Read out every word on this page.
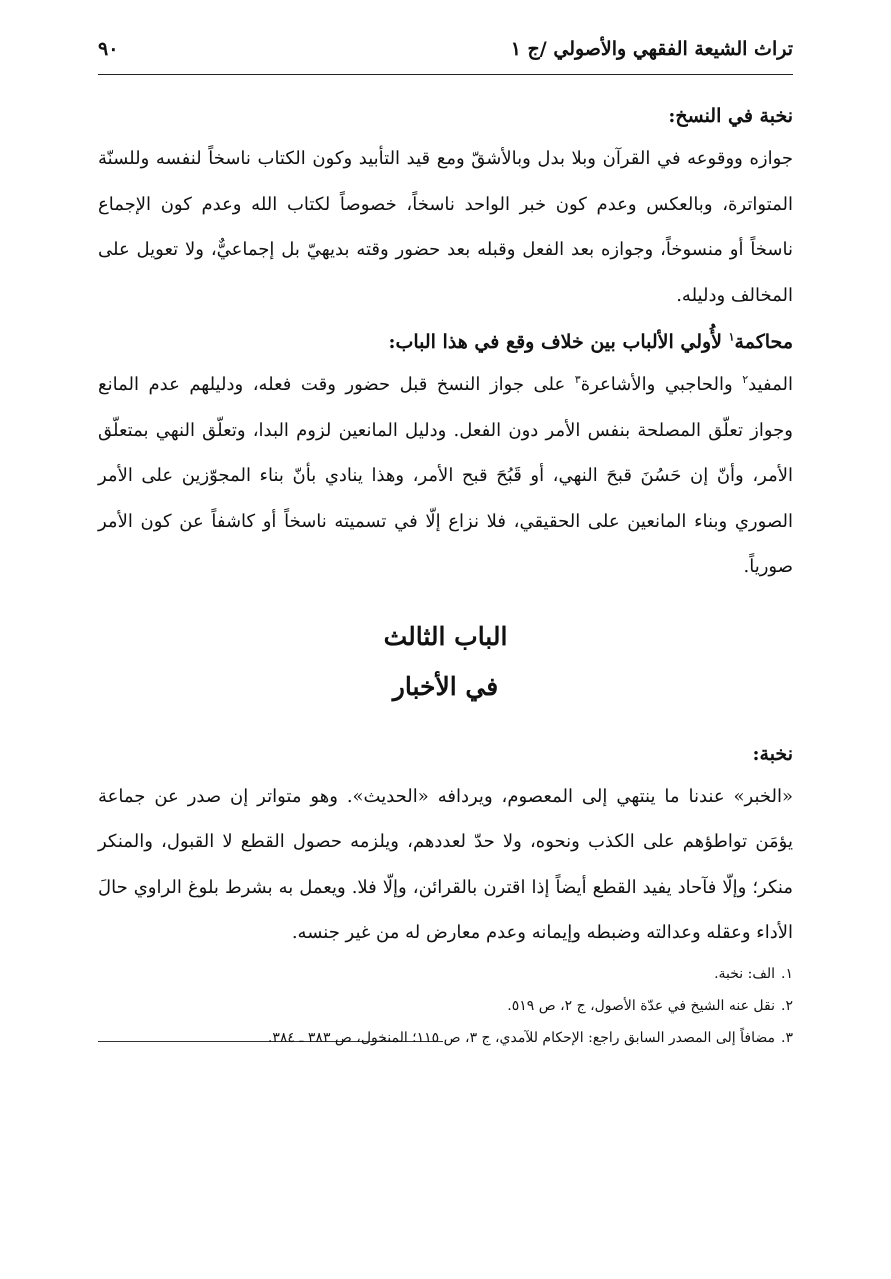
تراث الشيعة الفقهي والأصولي /ج ١
٩٠

نخبة في النسخ:

جوازه ووقوعه في القرآن وبلا بدل وبالأشقّ ومع قيد التأبيد وكون الكتاب ناسخاً لنفسه وللسنّة المتواترة، وبالعكس وعدم كون خبر الواحد ناسخاً، خصوصاً لكتاب الله وعدم كون الإجماع ناسخاً أو منسوخاً، وجوازه بعد الفعل وقبله بعد حضور وقته بديهيّ بل إجماعيٌّ، ولا تعويل على المخالف ودليله.

محاكمة$^١$ لأُولي الألباب بين خلاف وقع في هذا الباب:

المفيد$^٢$ والحاجبي والأشاعرة$^٣$ على جواز النسخ قبل حضور وقت فعله، ودليلهم عدم المانع وجواز تعلّق المصلحة بنفس الأمر دون الفعل. ودليل المانعين لزوم البدا، وتعلّق النهي بمتعلّق الأمر، وأنّ إن حَسُنَ قبحَ النهي، أو قَبُحَ قبح الأمر، وهذا ينادي بأنّ بناء المجوّزين على الأمر الصوري وبناء المانعين على الحقيقي، فلا نزاع إلّا في تسميته ناسخاً أو كاشفاً عن كون الأمر صورياً.

الباب الثالث

في الأخبار

نخبة:

«الخبر» عندنا ما ينتهي إلى المعصوم، ويردافه «الحديث». وهو متواتر إن صدر عن جماعة يؤمَن تواطؤهم على الكذب ونحوه، ولا حدّ لعددهم، ويلزمه حصول القطع لا القبول، والمنكر منكر؛ وإلّا فآحاد يفيد القطع أيضاً إذا اقترن بالقرائن، وإلّا فلا. ويعمل به بشرط بلوغ الراوي حالَ الأداء وعقله وعدالته وضبطه وإيمانه وعدم معارض له من غير جنسه.

١.الف: نخبة.

٢.نقل عنه الشيخ في عدّة الأصول، ج ٢، ص ٥١٩.

٣.مضافاً إلى المصدر السابق راجع: الإحكام للآمدي، ج ٣، ص ١١٥؛ المنخول، ص ٣٨٣ ـ ٣٨٤.
